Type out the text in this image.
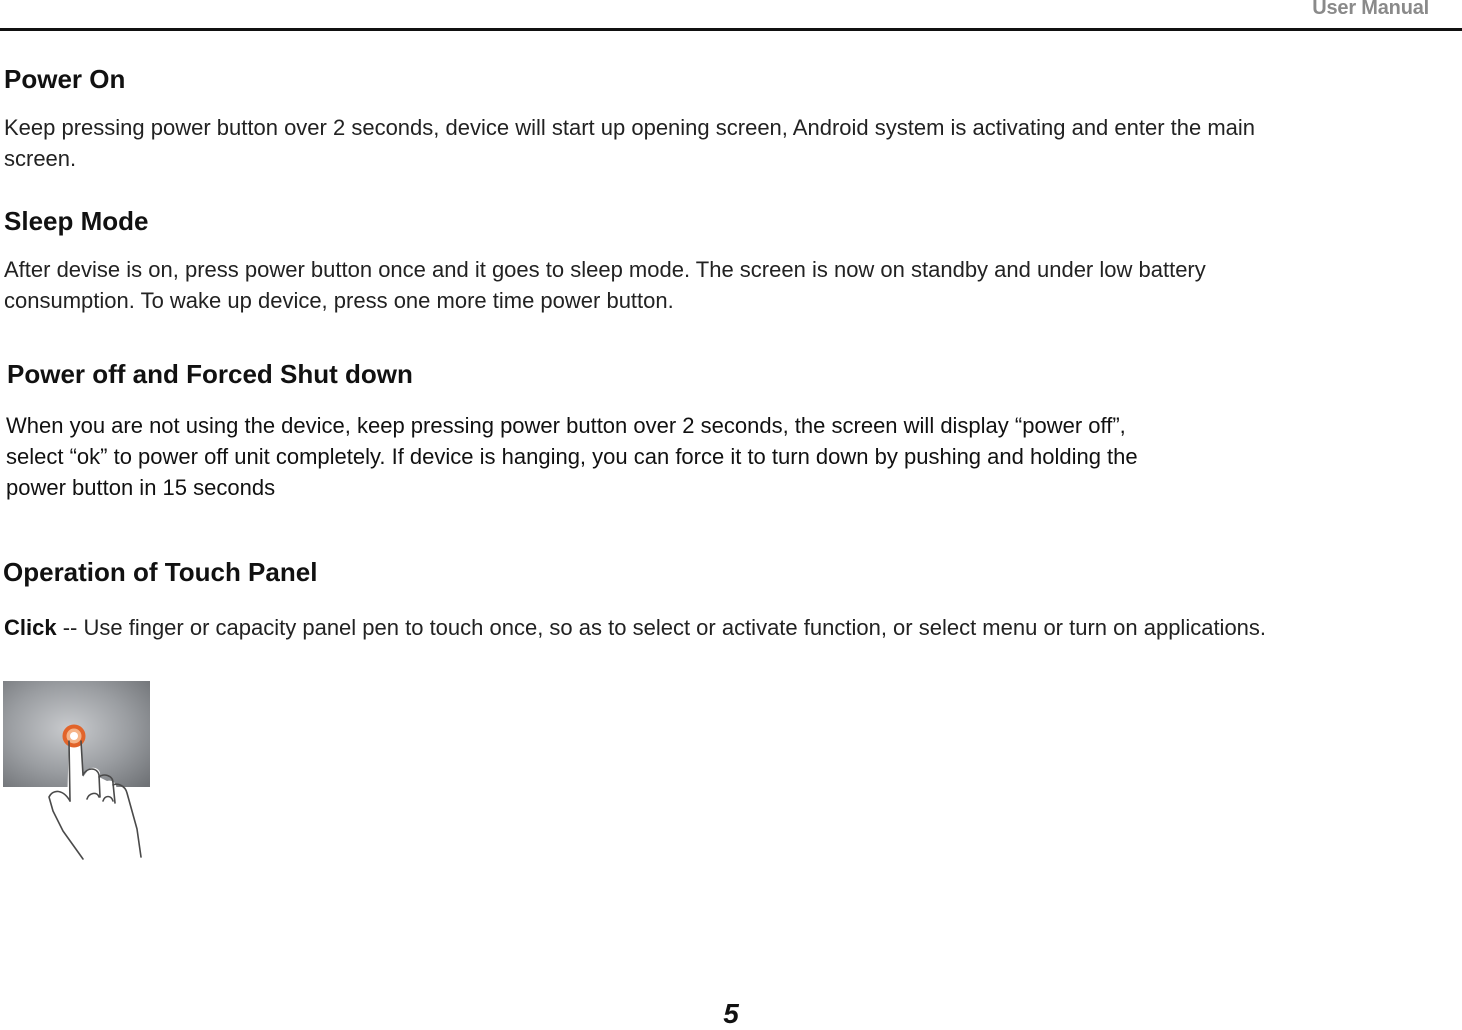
User Manual
Power On
Keep pressing power button over 2 seconds, device will start up opening screen, Android system is activating and enter the main
screen.
Sleep Mode
After devise is on, press power button once and it goes to sleep mode. The screen is now on standby and under low battery
consumption. To wake up device, press one more time power button.
Power off and Forced Shut down
When you are not using the device, keep pressing power button over 2 seconds, the screen will display “power off”,
select “ok” to power off unit completely. If device is hanging, you can force it to turn down by pushing and holding the
power button in 15 seconds
Operation of Touch Panel
Click -- Use finger or capacity panel pen to touch once, so as to select or activate function, or select menu or turn on applications.
5
